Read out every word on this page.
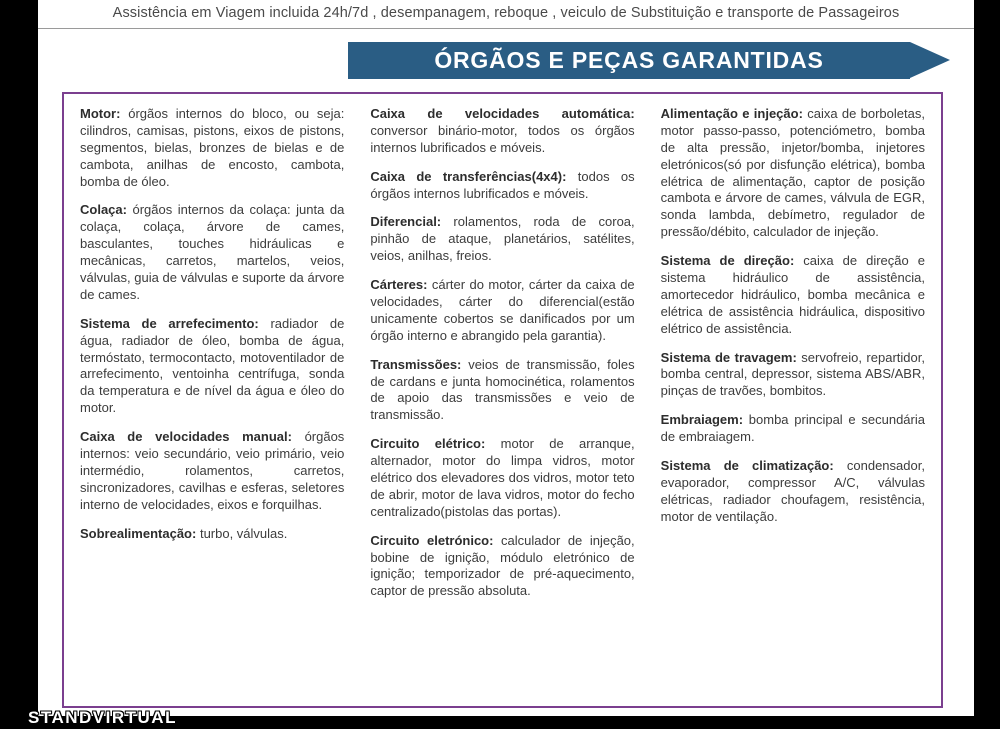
Assistência em Viagem incluida 24h/7d , desempanagem, reboque , veiculo de Substituição e transporte de Passageiros
ÓRGÃOS E PEÇAS GARANTIDAS

Motor: órgãos internos do bloco, ou seja: cilindros, camisas, pistons, eixos de pistons, segmentos, bielas, bronzes de bielas e de cambota, anilhas de encosto, cambota, bomba de óleo.

Colaça: órgãos internos da colaça: junta da colaça, colaça, árvore de cames, basculantes, touches hidráulicas e mecânicas, carretos, martelos, veios, válvulas, guia de válvulas e suporte da árvore de cames.

Sistema de arrefecimento: radiador de água, radiador de óleo, bomba de água, termóstato, termocontacto, motoventilador de arrefecimento, ventoinha centrífuga, sonda da temperatura e de nível da água e óleo do motor.

Caixa de velocidades manual: órgãos internos: veio secundário, veio primário, veio intermédio, rolamentos, carretos, sincronizadores, cavilhas e esferas, seletores interno de velocidades, eixos e forquilhas.

Sobrealimentação: turbo, válvulas.

Caixa de velocidades automática:conversor binário-motor, todos os órgãos internos lubrificados e móveis.

Caixa de transferências(4x4): todos os órgãos internos lubrificados e móveis.

Diferencial: rolamentos, roda de coroa, pinhão de ataque, planetários, satélites, veios, anilhas, freios.

Cárteres: cárter do motor, cárter da caixa de velocidades, cárter do diferencial(estão unicamente cobertos se danificados por um órgão interno e abrangido pela garantia).

Transmissões: veios de transmissão, foles de cardans e junta homocinética, rolamentos de apoio das transmissões e veio de transmissão.

Circuito elétrico: motor de arranque, alternador, motor do limpa vidros, motor elétrico dos elevadores dos vidros, motor teto de abrir, motor de lava vidros, motor do fecho centralizado(pistolas das portas).

Circuito eletrónico: calculador de injeção, bobine de ignição, módulo eletrónico de ignição; temporizador de pré-aquecimento, captor de pressão absoluta.

Alimentação e injeção: caixa de borboletas, motor passo-passo, potenciómetro, bomba de alta pressão, injetor/bomba, injetores eletrónicos(só por disfunção elétrica), bomba elétrica de alimentação, captor de posição cambota e árvore de cames, válvula de EGR, sonda lambda, debímetro, regulador de pressão/débito, calculador de injeção.

Sistema de direção: caixa de direção e sistema hidráulico de assistência, amortecedor hidráulico, bomba mecânica e elétrica de assistência hidráulica, dispositivo elétrico de assistência.

Sistema de travagem: servofreio, repartidor, bomba central, depressor, sistema ABS/ABR, pinças de travões, bombitos.

Embraiagem: bomba principal e secundária de embraiagem.

Sistema de climatização: condensador, evaporador, compressor A/C, válvulas elétricas, radiador choufagem, resistência, motor de ventilação.

STANDVIRTUAL
